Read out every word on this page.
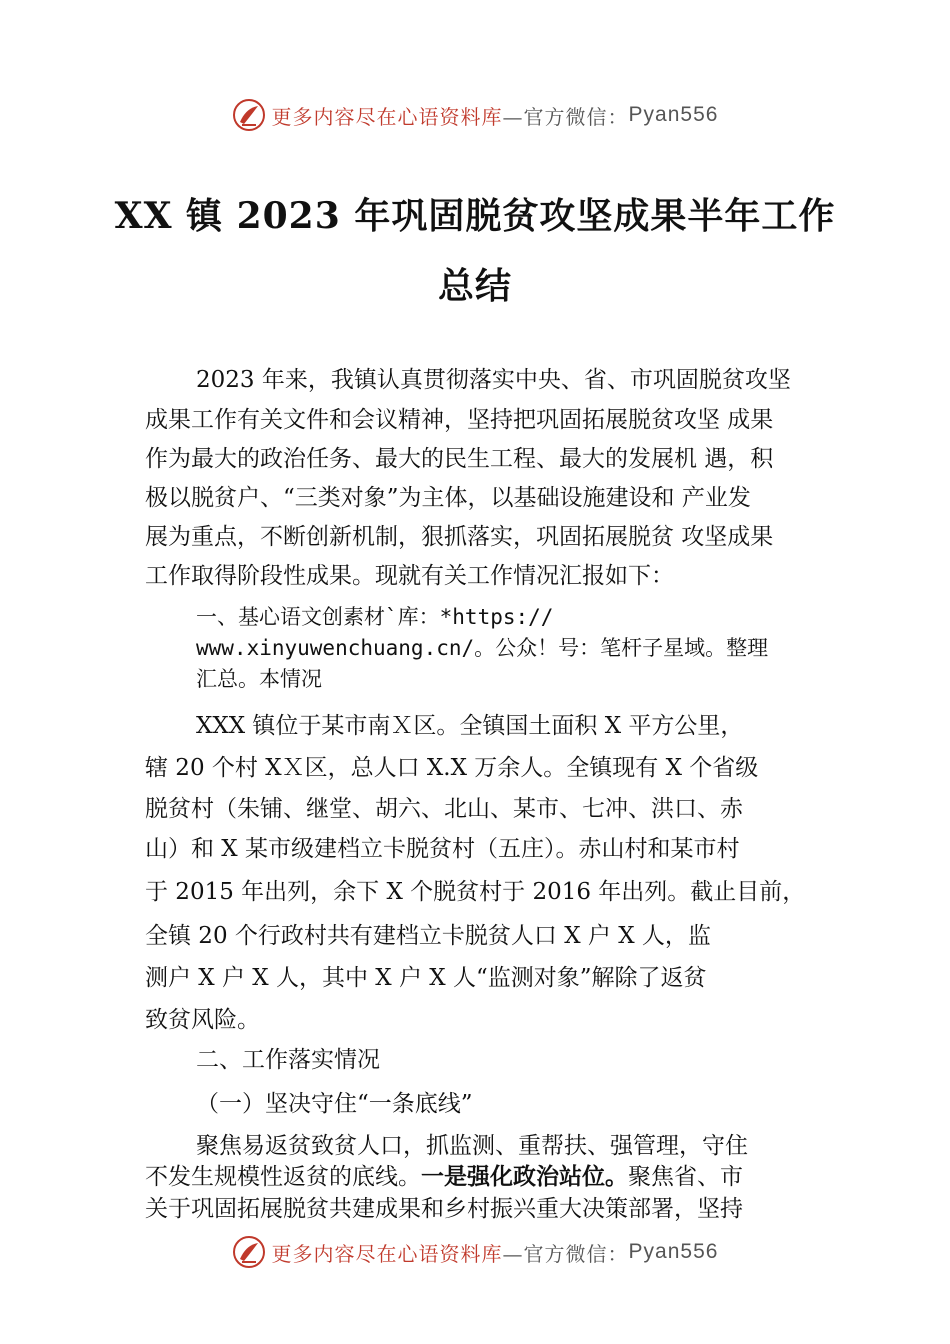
更多内容尽在心语资料库 —官方微信： Pyan556
XX 镇 2023 年巩固脱贫攻坚成果半年工作
总结
2023 年来，我镇认真贯彻落实中央、省、市巩固脱贫攻坚
成果工作有关文件和会议精神，坚持把巩固拓展脱贫攻坚 成果
作为最大的政治任务、最大的民生工程、最大的发展机 遇，积
极以脱贫户、“三类对象”为主体，以基础设施建设和 产业发
展为重点，不断创新机制，狠抓落实，巩固拓展脱贫 攻坚成果
工作取得阶段性成果。现就有关工作情况汇报如下：
一、基心语文创素材`库：*https://
www.xinyuwenchuang.cn/。公众！号：笔杆子星域。整理
汇总。本情况
XXX 镇位于某市南Ｘ区。全镇国土面积 X 平方公里，
辖 20 个村 XＸ区，总人口 X.X 万余人。全镇现有 X 个省级
脱贫村（朱铺、继堂、胡六、北山、某市、七冲、洪口、赤
山）和 X 某市级建档立卡脱贫村（五庄）。赤山村和某市村
于 2015 年出列，余下 X 个脱贫村于 2016 年出列。截止目前，
全镇 20 个行政村共有建档立卡脱贫人口 X 户 X 人，监
测户 X 户 X 人，其中 X 户 X 人“监测对象”解除了返贫
致贫风险。
二、工作落实情况
（一）坚决守住“一条底线”
聚焦易返贫致贫人口，抓监测、重帮扶、强管理，守住
不发生规模性返贫的底线。一是强化政治站位。聚焦省、市
关于巩固拓展脱贫共建成果和乡村振兴重大决策部署，坚持
更多内容尽在心语资料库 —官方微信： Pyan556
